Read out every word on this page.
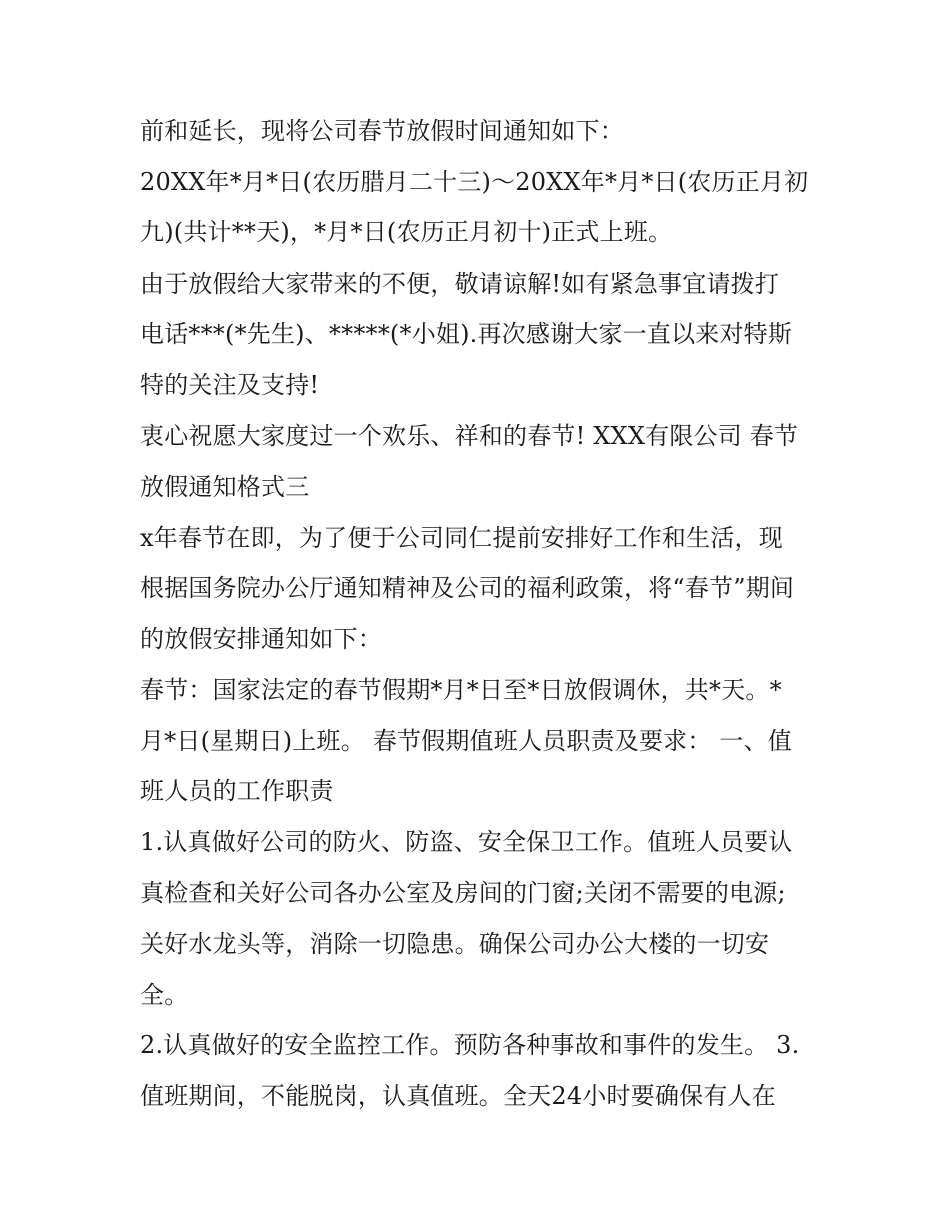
前和延长，现将公司春节放假时间通知如下：
20XX年*月*日(农历腊月二十三)～20XX年*月*日(农历正月初
九)(共计**天)，*月*日(农历正月初十)正式上班。
由于放假给大家带来的不便，敬请谅解!如有紧急事宜请拨打
电话***(*先生)、*****(*小姐).再次感谢大家一直以来对特斯
特的关注及支持!
衷心祝愿大家度过一个欢乐、祥和的春节! XXX有限公司 春节
放假通知格式三
x年春节在即，为了便于公司同仁提前安排好工作和生活，现
根据国务院办公厅通知精神及公司的福利政策，将“春节”期间
的放假安排通知如下：
春节：国家法定的春节假期*月*日至*日放假调休，共*天。*
月*日(星期日)上班。 春节假期值班人员职责及要求： 一、值
班人员的工作职责
1.认真做好公司的防火、防盗、安全保卫工作。值班人员要认
真检查和关好公司各办公室及房间的门窗;关闭不需要的电源;
关好水龙头等，消除一切隐患。确保公司办公大楼的一切安
全。
2.认真做好的安全监控工作。预防各种事故和事件的发生。 3.
值班期间，不能脱岗，认真值班。全天24小时要确保有人在
